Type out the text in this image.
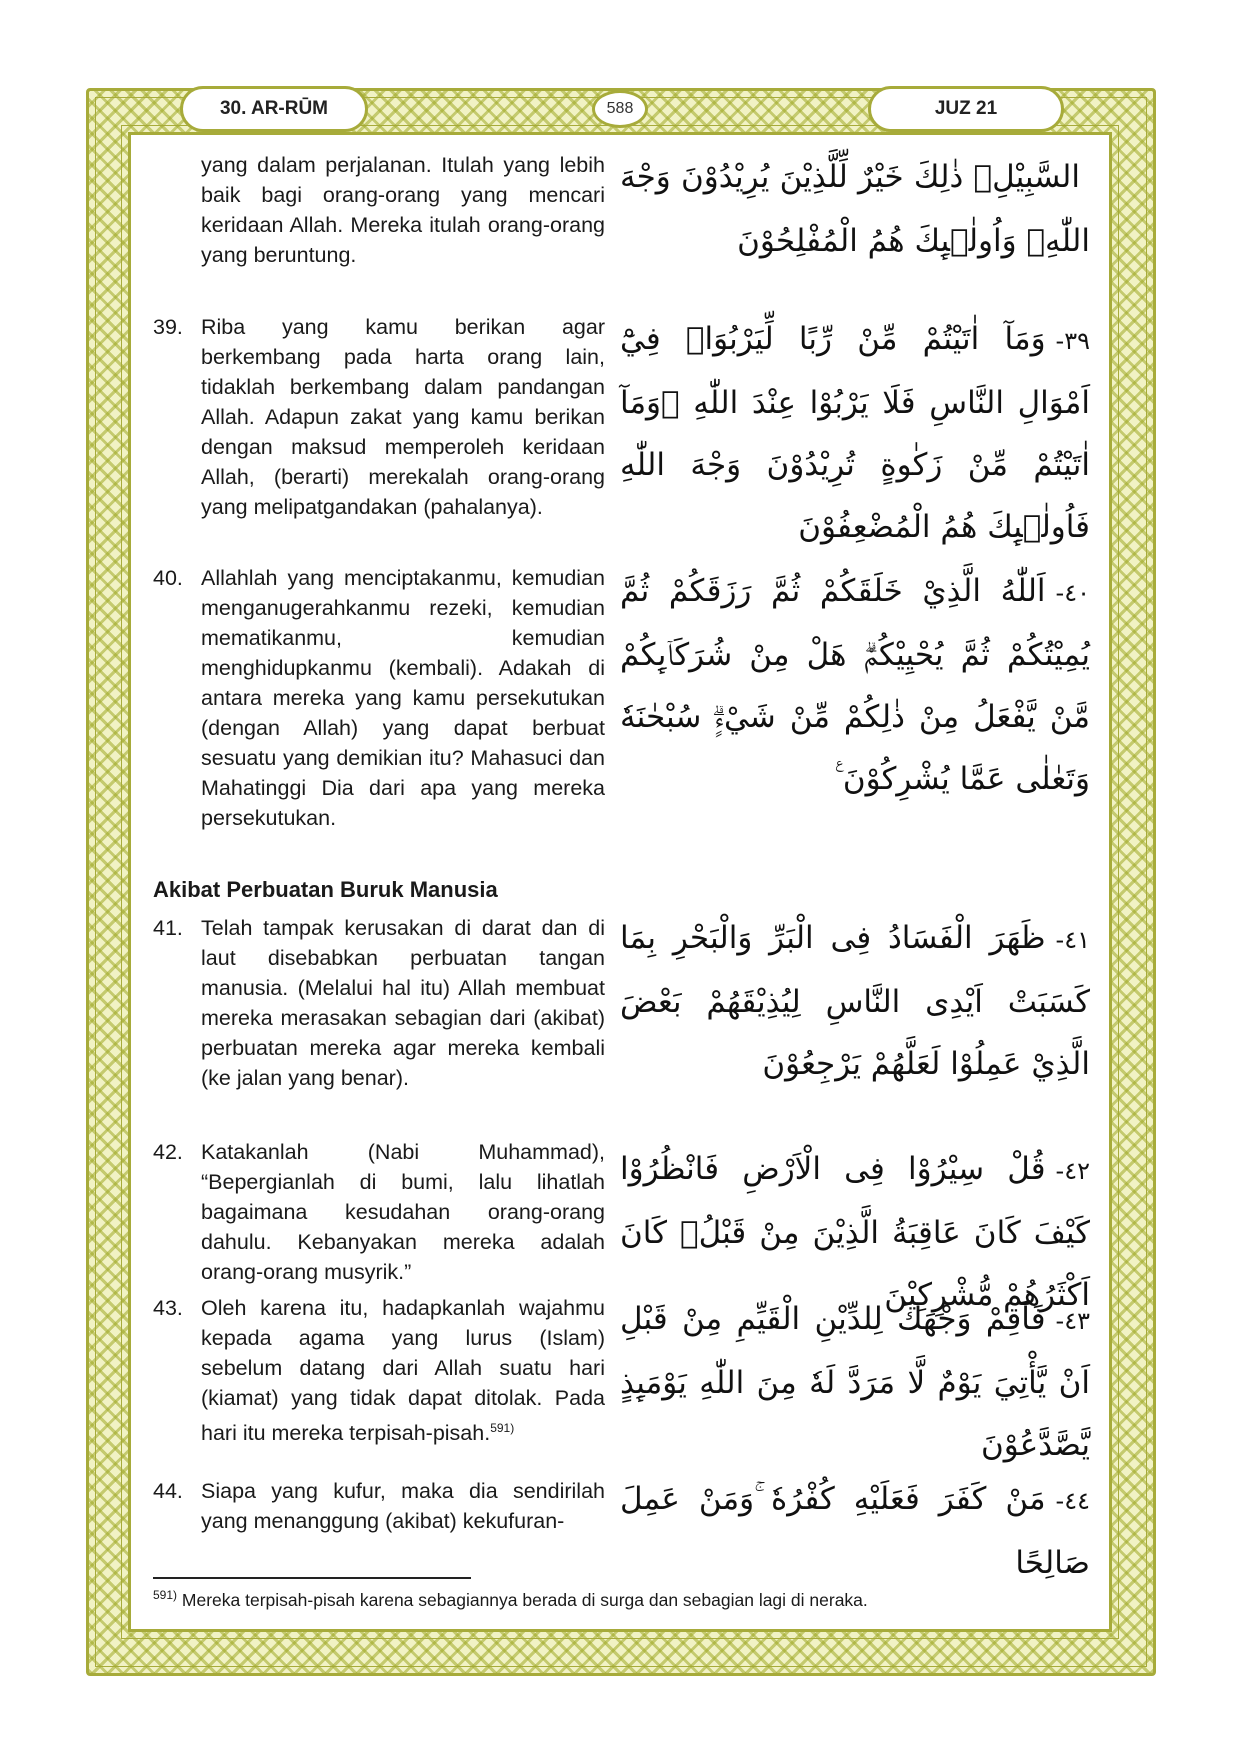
30. AR-RŪM	588	JUZ 21
yang dalam perjalanan. Itulah yang lebih baik bagi orang-orang yang mencari keridaan Allah. Mereka itulah orang-orang yang beruntung.
السَّبِيْلِۗ ذٰلِكَ خَيْرٌ لِّلَّذِيْنَ يُرِيْدُوْنَ وَجْهَ اللّٰهِۖ وَاُولٰۤىِٕكَ هُمُ الْمُفْلِحُوْنَ
39. Riba yang kamu berikan agar berkembang pada harta orang lain, tidaklah berkembang dalam pandangan Allah. Adapun zakat yang kamu berikan dengan maksud memperoleh keridaan Allah, (berarti) merekalah orang-orang yang melipatgandakan (pahalanya).
٣٩-وَمَآ اٰتَيْتُمْ مِّنْ رِّبًا لِّيَرْبُوَا۟ فِيْٓ اَمْوَالِ النَّاسِ فَلَا يَرْبُوْا عِنْدَ اللّٰهِ ۚوَمَآ اٰتَيْتُمْ مِّنْ زَكٰوةٍ تُرِيْدُوْنَ وَجْهَ اللّٰهِ فَاُولٰۤىِٕكَ هُمُ الْمُضْعِفُوْنَ
40. Allahlah yang menciptakanmu, kemudian menganugerahkanmu rezeki, kemudian mematikanmu, kemudian menghidupkanmu (kembali). Adakah di antara mereka yang kamu persekutukan (dengan Allah) yang dapat berbuat sesuatu yang demikian itu? Mahasuci dan Mahatinggi Dia dari apa yang mereka persekutukan.
٤٠-اَللّٰهُ الَّذِيْ خَلَقَكُمْ ثُمَّ رَزَقَكُمْ ثُمَّ يُمِيْتُكُمْ ثُمَّ يُحْيِيْكُمْۗ هَلْ مِنْ شُرَكَاۤىِٕكُمْ مَّنْ يَّفْعَلُ مِنْ ذٰلِكُمْ مِّنْ شَيْءٍۗ سُبْحٰنَهٗ وَتَعٰلٰى عَمَّا يُشْرِكُوْنَ ࣖ
Akibat Perbuatan Buruk Manusia
41. Telah tampak kerusakan di darat dan di laut disebabkan perbuatan tangan manusia. (Melalui hal itu) Allah membuat mereka merasakan sebagian dari (akibat) perbuatan mereka agar mereka kembali (ke jalan yang benar).
٤١-ظَهَرَ الْفَسَادُ فِى الْبَرِّ وَالْبَحْرِ بِمَا كَسَبَتْ اَيْدِى النَّاسِ لِيُذِيْقَهُمْ بَعْضَ الَّذِيْ عَمِلُوْا لَعَلَّهُمْ يَرْجِعُوْنَ
42. Katakanlah (Nabi Muhammad), “Bepergianlah di bumi, lalu lihatlah bagaimana kesudahan orang-orang dahulu. Kebanyakan mereka adalah orang-orang musyrik.”
٤٢-قُلْ سِيْرُوْا فِى الْاَرْضِ فَانْظُرُوْا كَيْفَ كَانَ عَاقِبَةُ الَّذِيْنَ مِنْ قَبْلُۗ كَانَ اَكْثَرُهُمْ مُّشْرِكِيْنَ
43. Oleh karena itu, hadapkanlah wajahmu kepada agama yang lurus (Islam) sebelum datang dari Allah suatu hari (kiamat) yang tidak dapat ditolak. Pada hari itu mereka terpisah-pisah.$^{591)}$
٤٣-فَاَقِمْ وَجْهَكَ لِلدِّيْنِ الْقَيِّمِ مِنْ قَبْلِ اَنْ يَّأْتِيَ يَوْمٌ لَّا مَرَدَّ لَهٗ مِنَ اللّٰهِ يَوْمَىِٕذٍ يَّصَّدَّعُوْنَ
44. Siapa yang kufur, maka dia sendirilah yang menanggung (akibat) kekufuran-
٤٤-مَنْ كَفَرَ فَعَلَيْهِ كُفْرُهٗ ۚوَمَنْ عَمِلَ صَالِحًا
$^{591)}$ Mereka terpisah-pisah karena sebagiannya berada di surga dan sebagian lagi di neraka.
